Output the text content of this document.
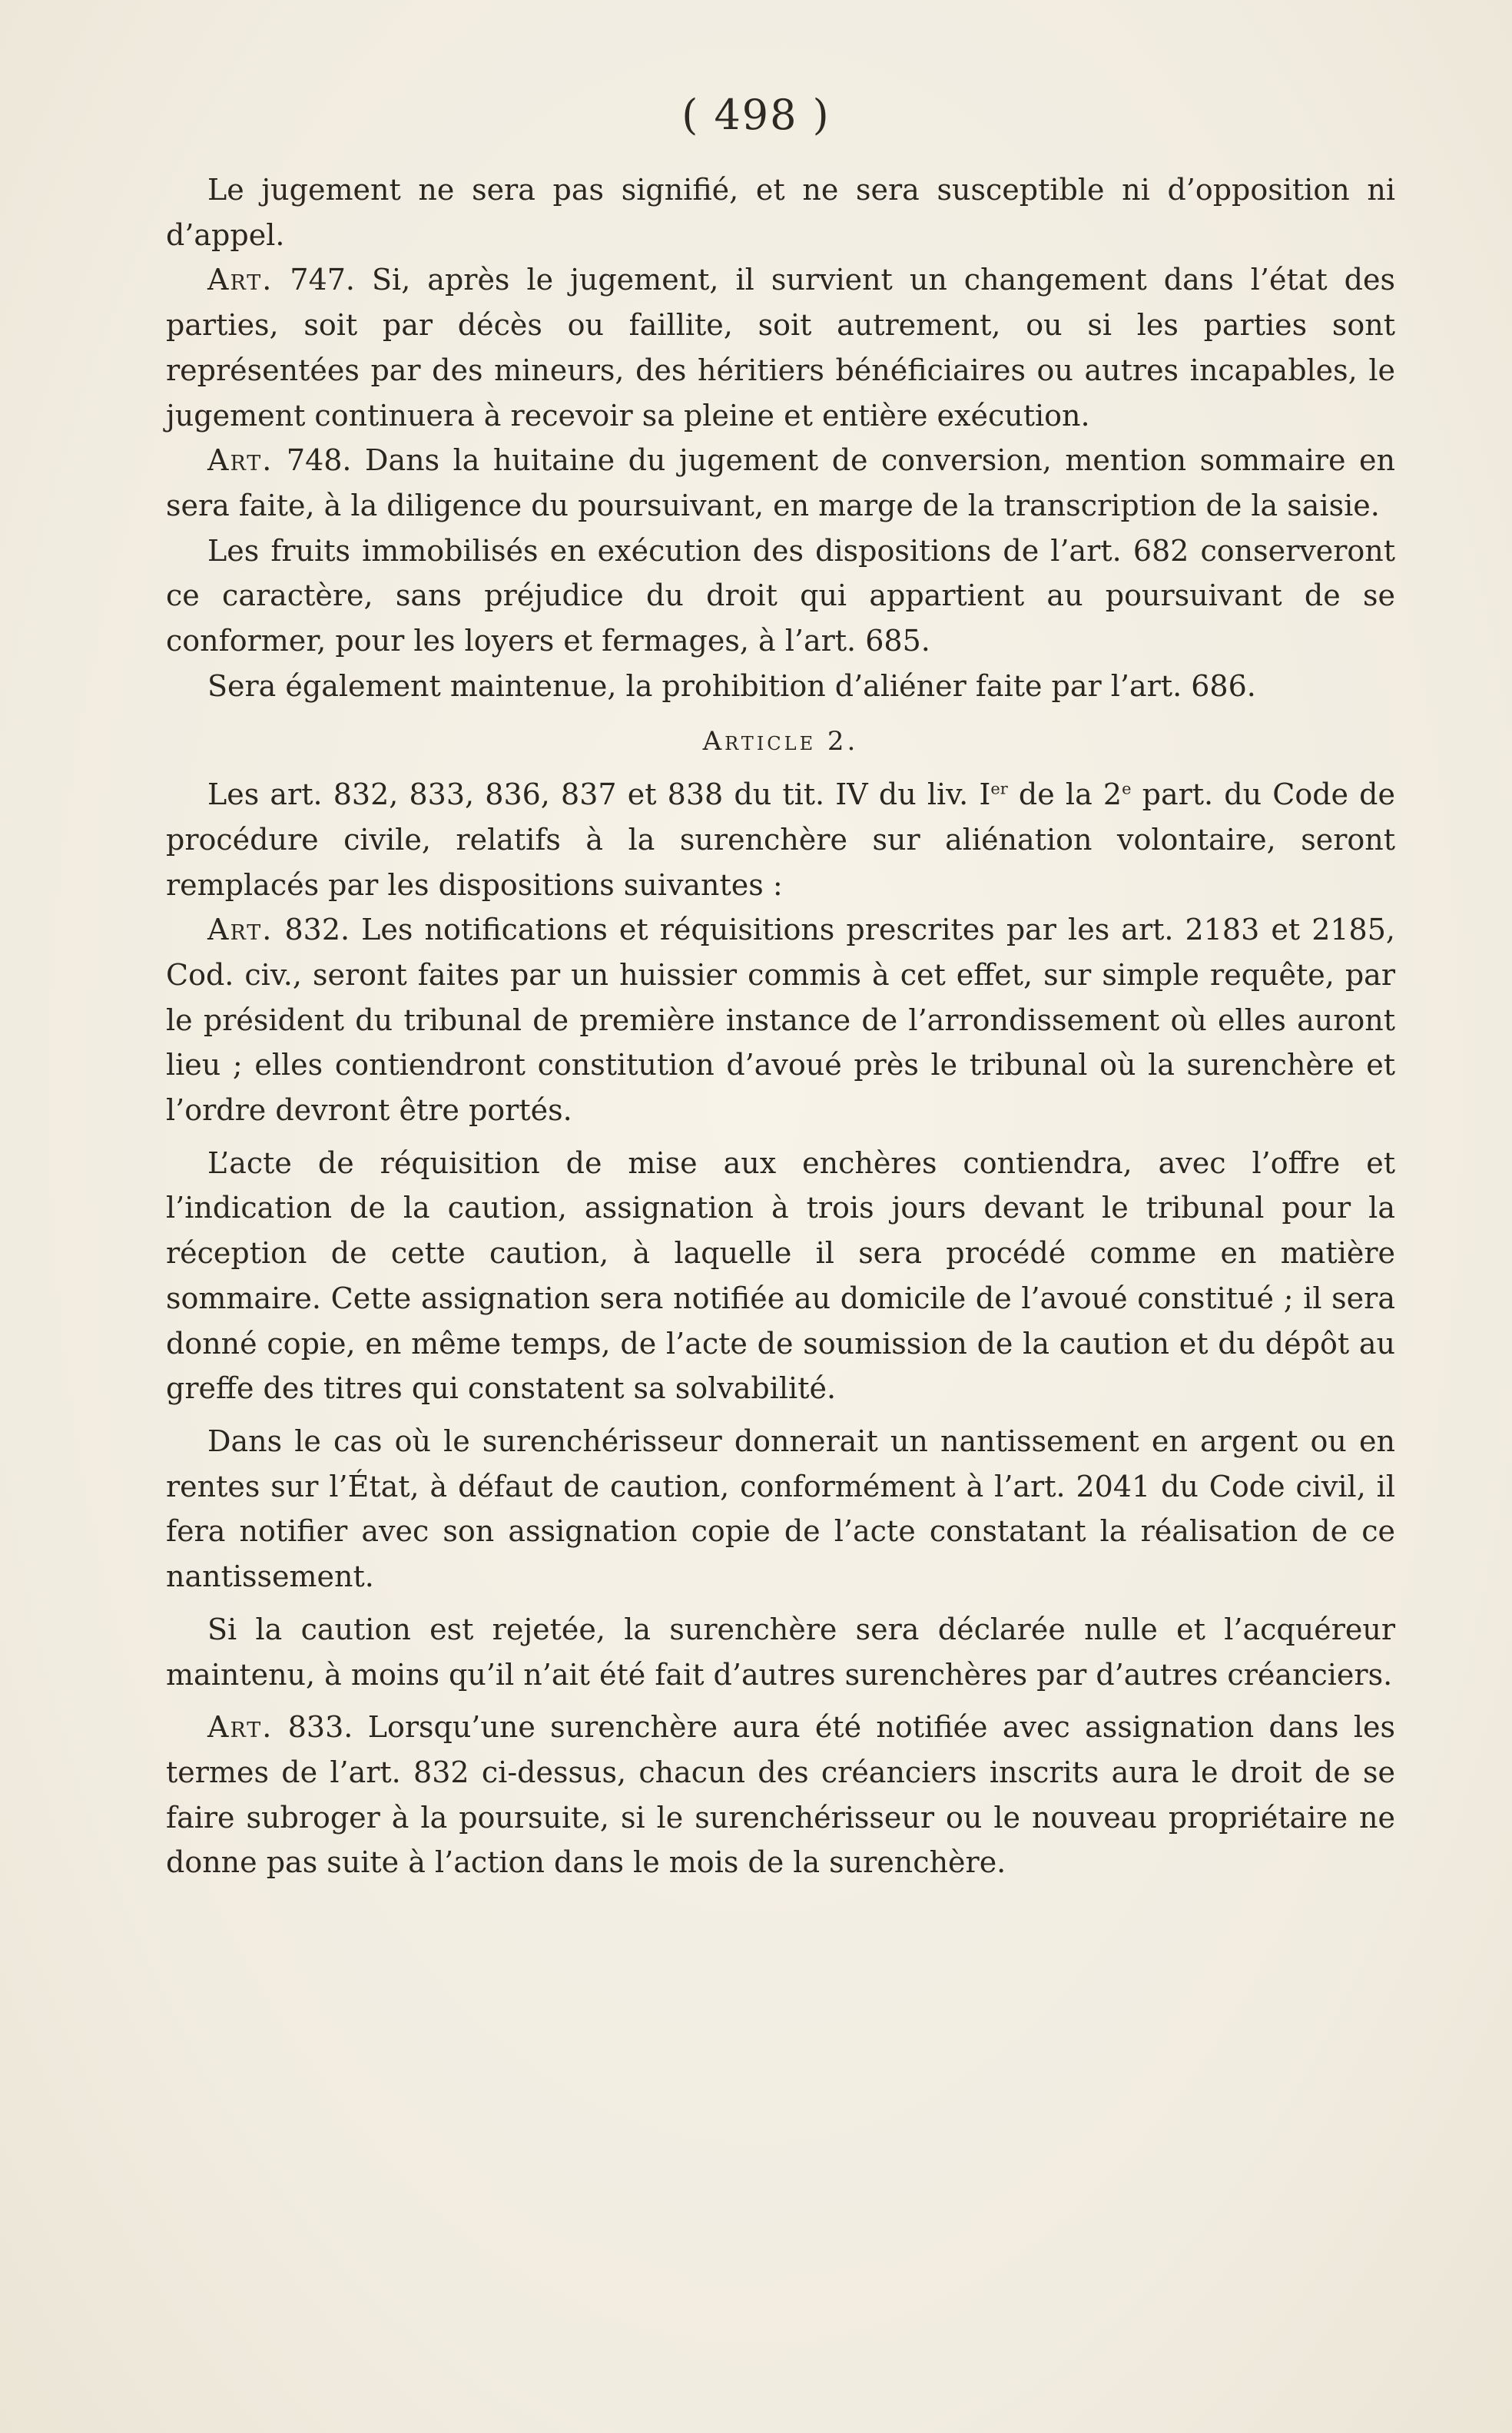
( 498 )

Le jugement ne sera pas signifié, et ne sera susceptible ni d’opposition ni d’appel.

Art. 747. Si, après le jugement, il survient un changement dans l’état des parties, soit par décès ou faillite, soit autrement, ou si les parties sont représentées par des mineurs, des héritiers bénéficiaires ou autres incapables, le jugement continuera à recevoir sa pleine et entière exécution.

Art. 748. Dans la huitaine du jugement de conversion, mention sommaire en sera faite, à la diligence du poursuivant, en marge de la transcription de la saisie.

Les fruits immobilisés en exécution des dispositions de l’art. 682 conserveront ce caractère, sans préjudice du droit qui appartient au poursuivant de se conformer, pour les loyers et fermages, à l’art. 685.

Sera également maintenue, la prohibition d’aliéner faite par l’art. 686.

Article 2.

Les art. 832, 833, 836, 837 et 838 du tit. IV du liv. Ier de la 2e part. du Code de procédure civile, relatifs à la surenchère sur aliénation volontaire, seront remplacés par les dispositions suivantes :

Art. 832. Les notifications et réquisitions prescrites par les art. 2183 et 2185, Cod. civ., seront faites par un huissier commis à cet effet, sur simple requête, par le président du tribunal de première instance de l’arrondissement où elles auront lieu ; elles contiendront constitution d’avoué près le tribunal où la surenchère et l’ordre devront être portés.

L’acte de réquisition de mise aux enchères contiendra, avec l’offre et l’indication de la caution, assignation à trois jours devant le tribunal pour la réception de cette caution, à laquelle il sera procédé comme en matière sommaire. Cette assignation sera notifiée au domicile de l’avoué constitué ; il sera donné copie, en même temps, de l’acte de soumission de la caution et du dépôt au greffe des titres qui constatent sa solvabilité.

Dans le cas où le surenchérisseur donnerait un nantissement en argent ou en rentes sur l’État, à défaut de caution, conformément à l’art. 2041 du Code civil, il fera notifier avec son assignation copie de l’acte constatant la réalisation de ce nantissement.

Si la caution est rejetée, la surenchère sera déclarée nulle et l’acquéreur maintenu, à moins qu’il n’ait été fait d’autres surenchères par d’autres créanciers.

Art. 833. Lorsqu’une surenchère aura été notifiée avec assignation dans les termes de l’art. 832 ci-dessus, chacun des créanciers inscrits aura le droit de se faire subroger à la poursuite, si le surenchérisseur ou le nouveau propriétaire ne donne pas suite à l’action dans le mois de la surenchère.
